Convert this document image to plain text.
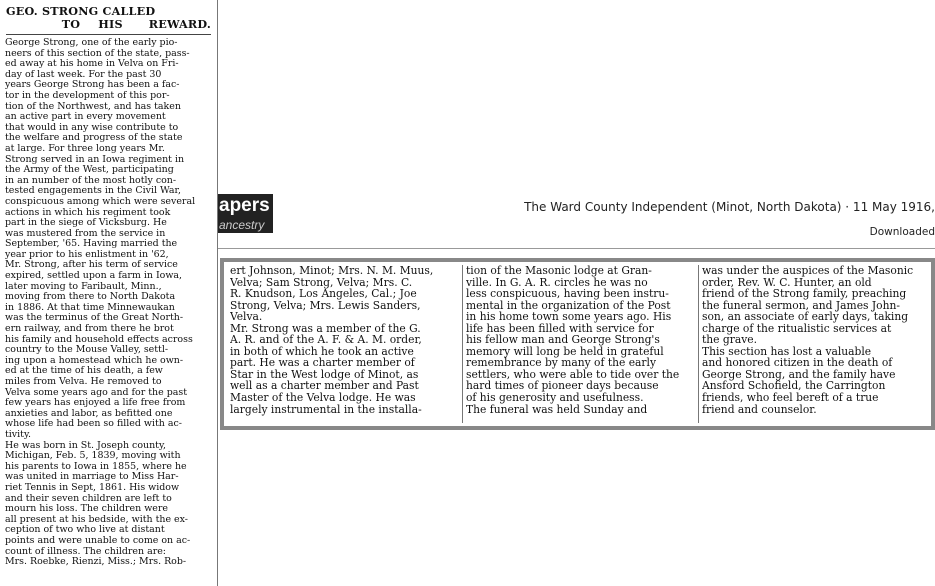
GEO. STRONG CALLED
TO HIS REWARD.
George Strong, one of the early pio-
neers of this section of the state, pass-
ed away at his home in Velva on Fri-
day of last week. For the past 30
years George Strong has been a fac-
tor in the development of this por-
tion of the Northwest, and has taken
an active part in every movement
that would in any wise contribute to
the welfare and progress of the state
at large. For three long years Mr.
Strong served in an Iowa regiment in
the Army of the West, participating
in an number of the most hotly con-
tested engagements in the Civil War,
conspicuous among which were several
actions in which his regiment took
part in the siege of Vicksburg. He
was mustered from the service in
September, '65. Having married the
year prior to his enlistment in '62,
Mr. Strong, after his term of service
expired, settled upon a farm in Iowa,
later moving to Faribault, Minn.,
moving from there to North Dakota
in 1886. At that time Minnewaukan
was the terminus of the Great North-
ern railway, and from there he brot
his family and household effects across
country to the Mouse Valley, settl-
ing upon a homestead which he own-
ed at the time of his death, a few
miles from Velva. He removed to
Velva some years ago and for the past
few years has enjoyed a life free from
anxieties and labor, as befitted one
whose life had been so filled with ac-
tivity.
He was born in St. Joseph county,
Michigan, Feb. 5, 1839, moving with
his parents to Iowa in 1855, where he
was united in marriage to Miss Har-
riet Tennis in Sept, 1861. His widow
and their seven children are left to
mourn his loss. The children were
all present at his bedside, with the ex-
ception of two who live at distant
points and were unable to come on ac-
count of illness. The children are:
Mrs. Roebke, Rienzi, Miss.; Mrs. Rob-
apers
ancestry
The Ward County Independent (Minot, North Dakota) · 11 May 1916,
Downloaded
ert Johnson, Minot; Mrs. N. M. Muus,
Velva; Sam Strong, Velva; Mrs. C.
R. Knudson, Los Angeles, Cal.; Joe
Strong, Velva; Mrs. Lewis Sanders,
Velva.
Mr. Strong was a member of the G.
A. R. and of the A. F. & A. M. order,
in both of which he took an active
part. He was a charter member of
Star in the West lodge of Minot, as
well as a charter member and Past
Master of the Velva lodge. He was
largely instrumental in the installa-
tion of the Masonic lodge at Gran-
ville. In G. A. R. circles he was no
less conspicuous, having been instru-
mental in the organization of the Post
in his home town some years ago. His
life has been filled with service for
his fellow man and George Strong's
memory will long be held in grateful
remembrance by many of the early
settlers, who were able to tide over the
hard times of pioneer days because
of his generosity and usefulness.
The funeral was held Sunday and
was under the auspices of the Masonic
order, Rev. W. C. Hunter, an old
friend of the Strong family, preaching
the funeral sermon, and James John-
son, an associate of early days, taking
charge of the ritualistic services at
the grave.
This section has lost a valuable
and honored citizen in the death of
George Strong, and the family have
Ansford Schofield, the Carrington
friends, who feel bereft of a true
friend and counselor.
